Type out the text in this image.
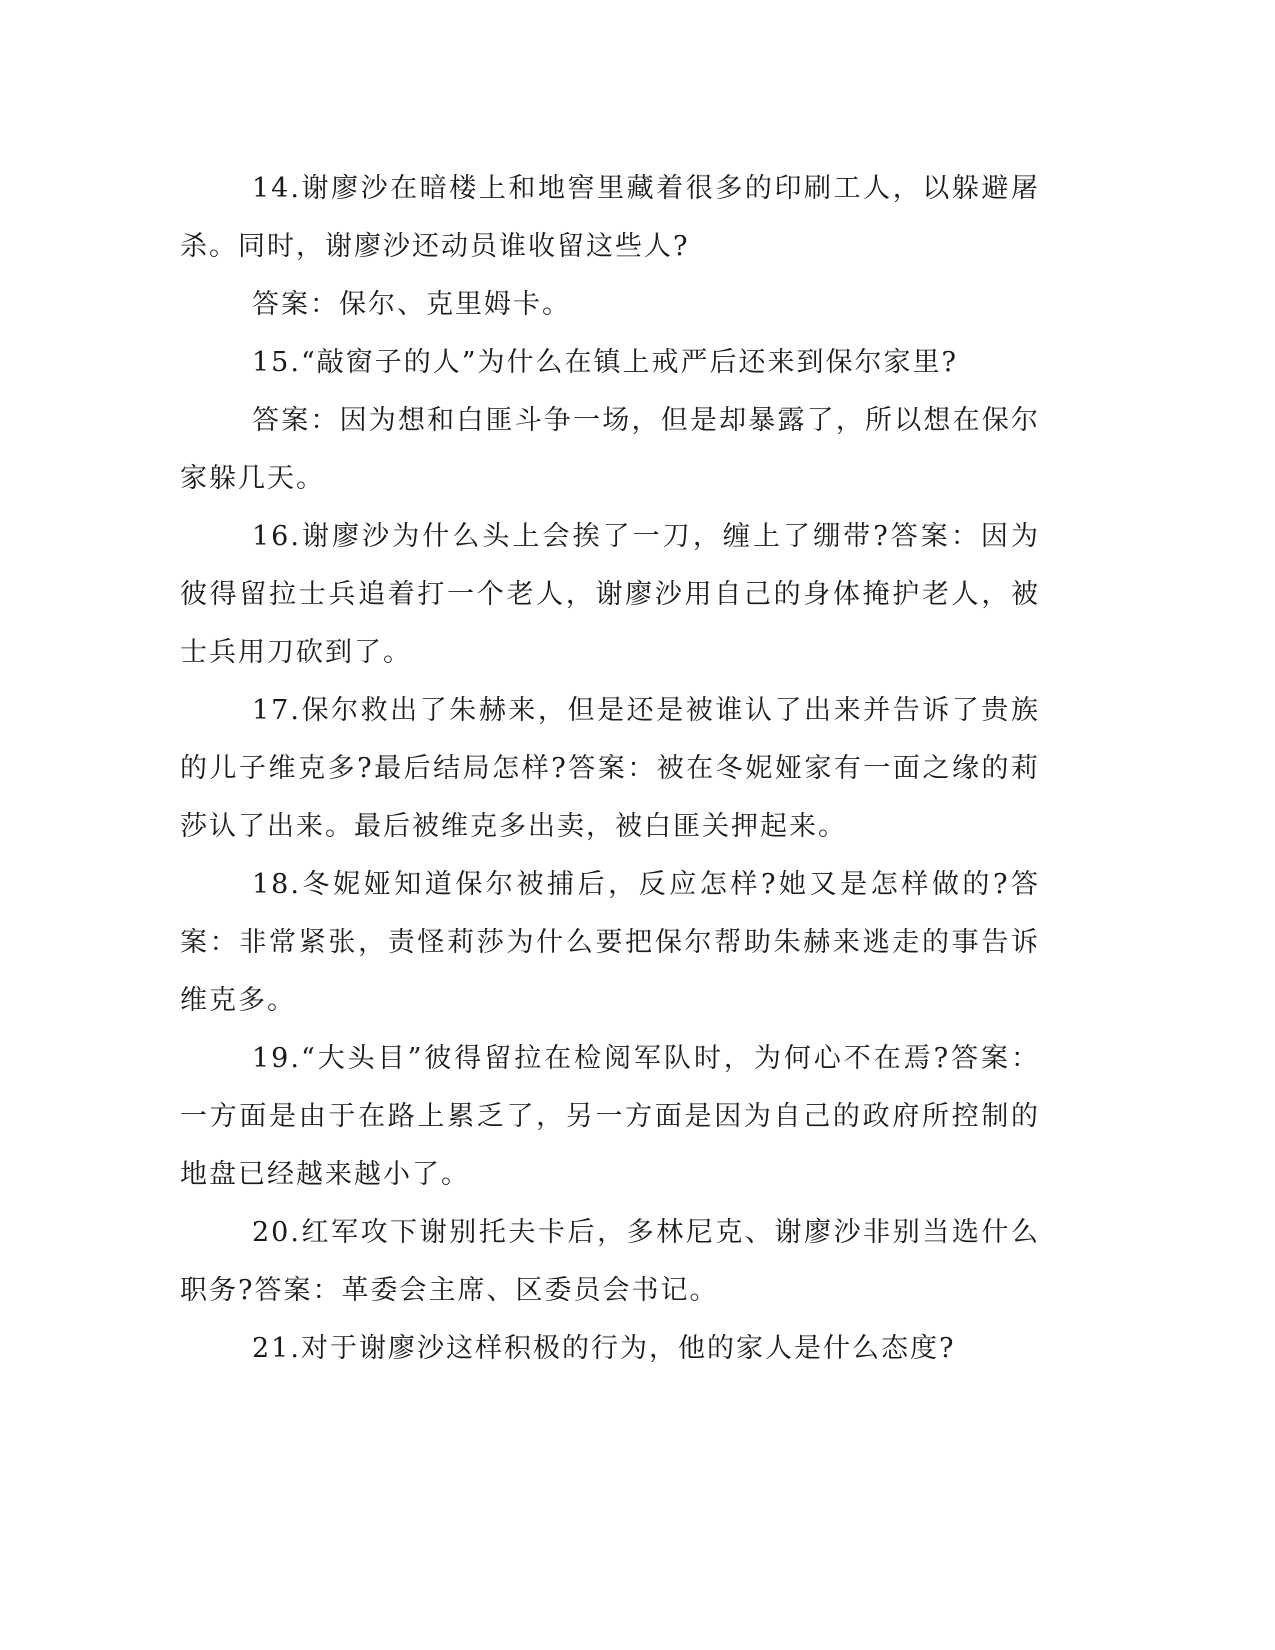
14.谢廖沙在暗楼上和地窖里藏着很多的印刷工人，以躲避屠杀。同时，谢廖沙还动员谁收留这些人?

答案：保尔、克里姆卡。

15.“敲窗子的人”为什么在镇上戒严后还来到保尔家里?

答案：因为想和白匪斗争一场，但是却暴露了，所以想在保尔家躲几天。

16.谢廖沙为什么头上会挨了一刀，缠上了绷带?答案：因为彼得留拉士兵追着打一个老人，谢廖沙用自己的身体掩护老人，被士兵用刀砍到了。

17.保尔救出了朱赫来，但是还是被谁认了出来并告诉了贵族的儿子维克多?最后结局怎样?答案：被在冬妮娅家有一面之缘的莉莎认了出来。最后被维克多出卖，被白匪关押起来。

18.冬妮娅知道保尔被捕后，反应怎样?她又是怎样做的?答案：非常紧张，责怪莉莎为什么要把保尔帮助朱赫来逃走的事告诉维克多。

19.“大头目”彼得留拉在检阅军队时，为何心不在焉?答案：一方面是由于在路上累乏了，另一方面是因为自己的政府所控制的地盘已经越来越小了。

20.红军攻下谢别托夫卡后，多林尼克、谢廖沙非别当选什么职务?答案：革委会主席、区委员会书记。

21.对于谢廖沙这样积极的行为，他的家人是什么态度?
